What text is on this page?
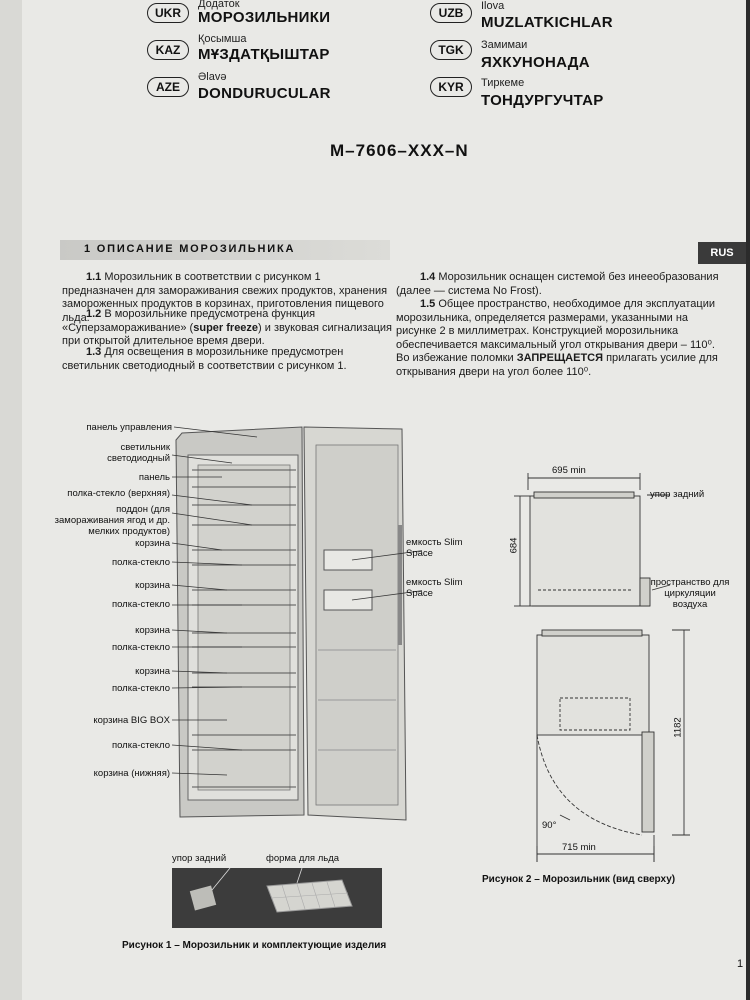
UKR
Додаток
МОРОЗИЛЬНИКИ
KAZ
Қосымша
МҰЗДАТҚЫШТАР
AZE
Əlavə
DONDURUCULAR
UZB	Ilova
MUZLATKICHLAR
TGK	Замимаи
ЯХКУНОНАДА
KYR	Тиркеме
ТОНДУРГУЧТАР
M–7606–XXX–N
1 ОПИСАНИЕ МОРОЗИЛЬНИКА	RUS
1.1 Морозильник в соответствии с рисунком 1 предназначен для замораживания свежих продуктов, хранения замороженных продуктов в корзинах, приготовления пищевого льда.
1.2 В морозильнике предусмотрена функция «Суперзамораживание» (super freeze) и звуковая сигнализация при открытой длительное время двери.
1.3 Для освещения в морозильнике предусмотрен светильник светодиодный в соответствии с рисунком 1.
1.4 Морозильник оснащен системой без инееобразования (далее — система No Frost).
1.5 Общее пространство, необходимое для эксплуатации морозильника, определяется размерами, указанными на рисунке 2 в миллиметрах. Конструкцией морозильника обеспечивается максимальный угол открывания двери – 110⁰. Во избежание поломки ЗАПРЕЩАЕТСЯ прилагать усилие для открывания двери на угол более 110⁰.
панель управления
светильник светодиодный
панель
полка-стекло (верхняя)
поддон (для замораживания ягод и др. мелких продуктов)
корзина
полка-стекло
корзина
полка-стекло
корзина
полка-стекло
корзина
полка-стекло
корзина BIG BOX
полка-стекло
корзина (нижняя)
емкость Slim Space
емкость Slim Space
упор задний	форма для льда
Рисунок 1 – Морозильник и комплектующие изделия
695 min
684
1182
715 min
90°
упор задний
пространство для циркуляции воздуха
Рисунок 2 – Морозильник (вид сверху)
1
